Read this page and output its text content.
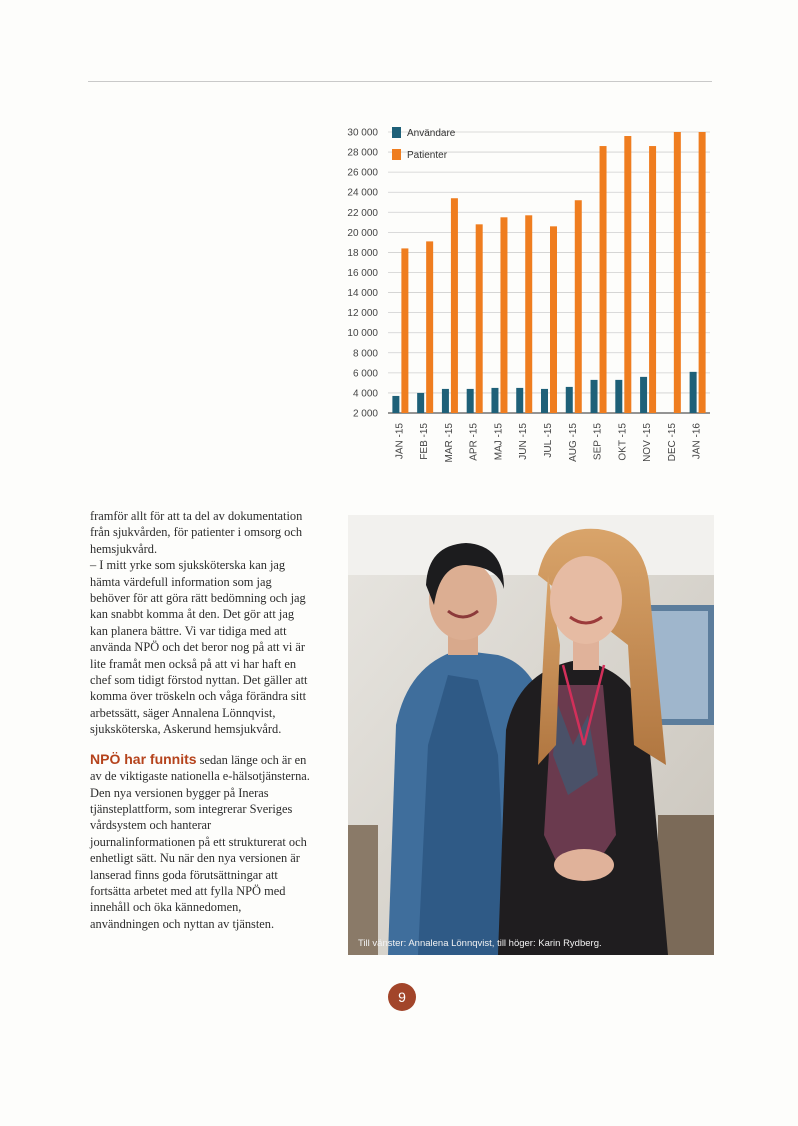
30 000
28 000
26 000
24 000
22 000
20 000
18 000
16 000
14 000
12 000
10 000
8 000
6 000
4 000
2 000
JAN -15 FEB -15 MAR -15 APR -15 MAJ -15 JUN -15 JUL -15 AUG -15 SEP -15 OKT -15 NOV -15 DEC -15 JAN -16
Användare
Patienter

framför allt för att ta del av dokumentation från sjukvården, för patienter i omsorg och hemsjukvård.

– I mitt yrke som sjuksköterska kan jag hämta värdefull information som jag behöver för att göra rätt bedömning och jag kan snabbt komma åt den. Det gör att jag kan planera bättre. Vi var tidiga med att använda NPÖ och det beror nog på att vi är lite framåt men också på att vi har haft en chef som tidigt förstod nyttan. Det gäller att komma över tröskeln och våga förändra sitt arbetssätt, säger Annalena Lönnqvist, sjuksköterska, Askerund hemsjukvård.

NPÖ har funnits sedan länge och är en av de viktigaste nationella e-hälsotjänsterna. Den nya versionen bygger på Ineras tjänsteplattform, som integrerar Sveriges vårdsystem och hanterar journalinformationen på ett strukturerat och enhetligt sätt. Nu när den nya versionen är lanserad finns goda förutsättningar att fortsätta arbetet med att fylla NPÖ med innehåll och öka kännedomen, användningen och nyttan av tjänsten.

Till vänster: Annalena Lönnqvist, till höger: Karin Rydberg.
9
